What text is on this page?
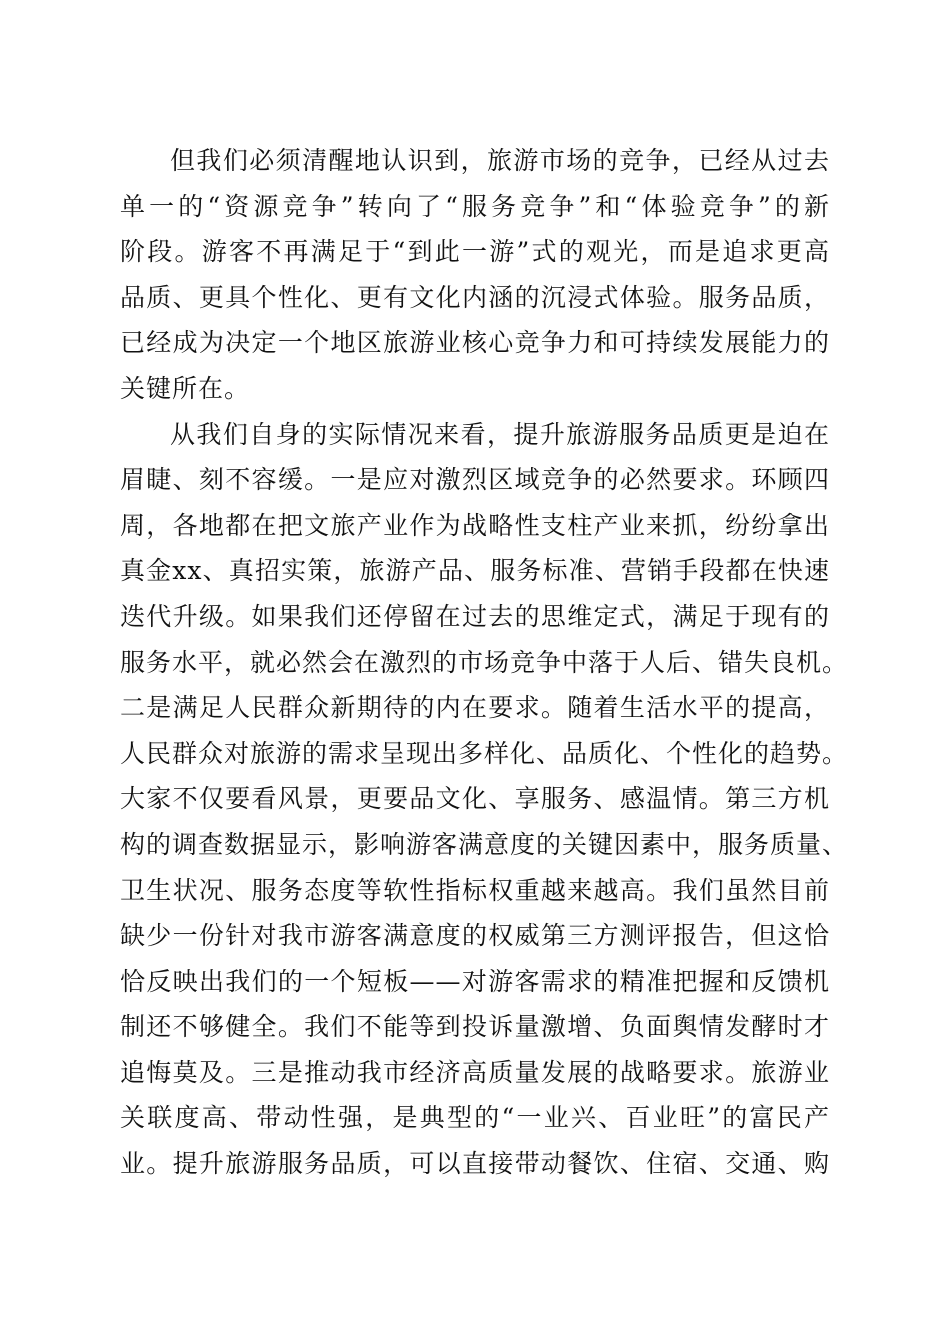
但我们必须清醒地认识到，旅游市场的竞争，已经从过去
单一的“资源竞争”转向了“服务竞争”和“体验竞争”的新
阶段。游客不再满足于“到此一游”式的观光，而是追求更高
品质、更具个性化、更有文化内涵的沉浸式体验。服务品质，
已经成为决定一个地区旅游业核心竞争力和可持续发展能力的
关键所在。
从我们自身的实际情况来看，提升旅游服务品质更是迫在
眉睫、刻不容缓。一是应对激烈区域竞争的必然要求。环顾四
周，各地都在把文旅产业作为战略性支柱产业来抓，纷纷拿出
真金xx、真招实策，旅游产品、服务标准、营销手段都在快速
迭代升级。如果我们还停留在过去的思维定式，满足于现有的
服务水平，就必然会在激烈的市场竞争中落于人后、错失良机。
二是满足人民群众新期待的内在要求。随着生活水平的提高，
人民群众对旅游的需求呈现出多样化、品质化、个性化的趋势。
大家不仅要看风景，更要品文化、享服务、感温情。第三方机
构的调查数据显示，影响游客满意度的关键因素中，服务质量、
卫生状况、服务态度等软性指标权重越来越高。我们虽然目前
缺少一份针对我市游客满意度的权威第三方测评报告，但这恰
恰反映出我们的一个短板——对游客需求的精准把握和反馈机
制还不够健全。我们不能等到投诉量激增、负面舆情发酵时才
追悔莫及。三是推动我市经济高质量发展的战略要求。旅游业
关联度高、带动性强，是典型的“一业兴、百业旺”的富民产
业。提升旅游服务品质，可以直接带动餐饮、住宿、交通、购
